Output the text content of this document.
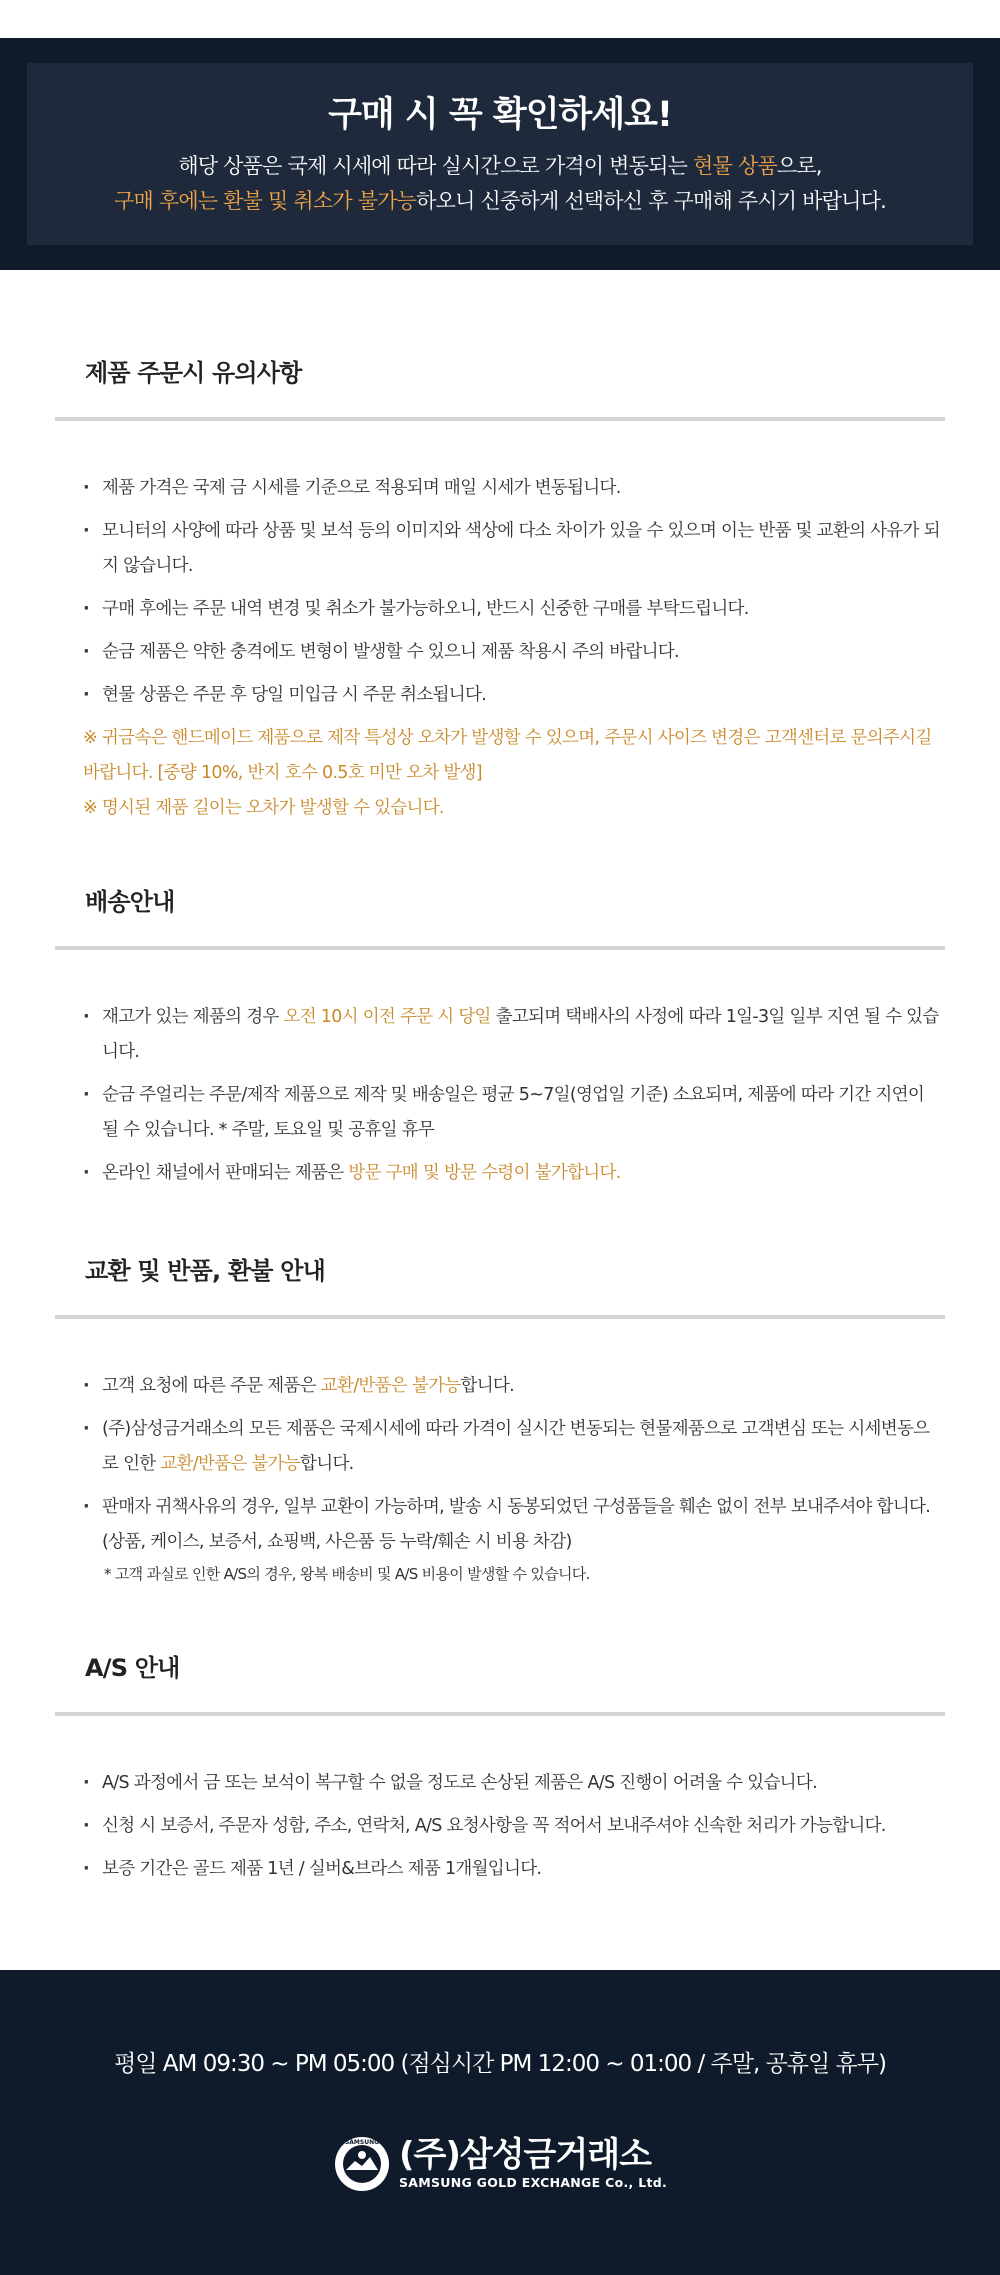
구매 시 꼭 확인하세요!
해당 상품은 국제 시세에 따라 실시간으로 가격이 변동되는 현물 상품으로,
구매 후에는 환불 및 취소가 불가능하오니 신중하게 선택하신 후 구매해 주시기 바랍니다.
제품 주문시 유의사항
· 제품 가격은 국제 금 시세를 기준으로 적용되며 매일 시세가 변동됩니다.
· 모니터의 사양에 따라 상품 및 보석 등의 이미지와 색상에 다소 차이가 있을 수 있으며 이는 반품 및 교환의 사유가 되지 않습니다.
· 구매 후에는 주문 내역 변경 및 취소가 불가능하오니, 반드시 신중한 구매를 부탁드립니다.
· 순금 제품은 약한 충격에도 변형이 발생할 수 있으니 제품 착용시 주의 바랍니다.
· 현물 상품은 주문 후 당일 미입금 시 주문 취소됩니다.
※ 귀금속은 핸드메이드 제품으로 제작 특성상 오차가 발생할 수 있으며, 주문시 사이즈 변경은 고객센터로 문의주시길 바랍니다. [중량 10%, 반지 호수 0.5호 미만 오차 발생]
※ 명시된 제품 길이는 오차가 발생할 수 있습니다.
배송안내
· 재고가 있는 제품의 경우 오전 10시 이전 주문 시 당일 출고되며 택배사의 사정에 따라 1일-3일 일부 지연 될 수 있습니다.
· 순금 주얼리는 주문/제작 제품으로 제작 및 배송일은 평균 5~7일(영업일 기준) 소요되며, 제품에 따라 기간 지연이 될 수 있습니다. * 주말, 토요일 및 공휴일 휴무
· 온라인 채널에서 판매되는 제품은 방문 구매 및 방문 수령이 불가합니다.
교환 및 반품, 환불 안내
· 고객 요청에 따른 주문 제품은 교환/반품은 불가능합니다.
· (주)삼성금거래소의 모든 제품은 국제시세에 따라 가격이 실시간 변동되는 현물제품으로 고객변심 또는 시세변동으로 인한 교환/반품은 불가능합니다.
· 판매자 귀책사유의 경우, 일부 교환이 가능하며, 발송 시 동봉되었던 구성품들을 훼손 없이 전부 보내주셔야 합니다. (상품, 케이스, 보증서, 쇼핑백, 사은품 등 누락/훼손 시 비용 차감)
* 고객 과실로 인한 A/S의 경우, 왕복 배송비 및 A/S 비용이 발생할 수 있습니다.
A/S 안내
· A/S 과정에서 금 또는 보석이 복구할 수 없을 정도로 손상된 제품은 A/S 진행이 어려울 수 있습니다.
· 신청 시 보증서, 주문자 성함, 주소, 연락처, A/S 요청사항을 꼭 적어서 보내주셔야 신속한 처리가 가능합니다.
· 보증 기간은 골드 제품 1년 / 실버&브라스 제품 1개월입니다.
평일 AM 09:30 ~ PM 05:00 (점심시간 PM 12:00 ~ 01:00 / 주말, 공휴일 휴무)
SAMSUNG (주)삼성금거래소
SAMSUNG GOLD EXCHANGE Co., Ltd.
